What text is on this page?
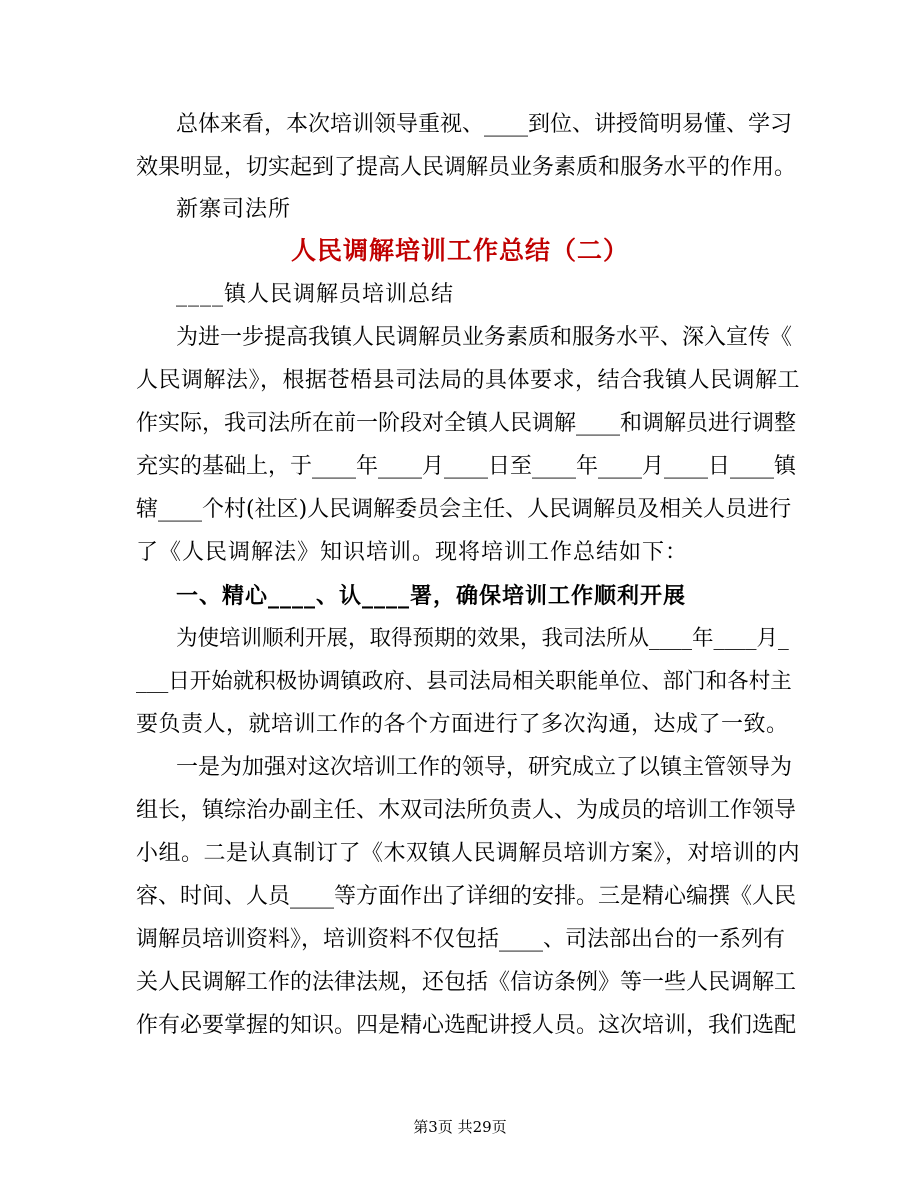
总体来看，本次培训领导重视、____到位、讲授简明易懂、学习
效果明显，切实起到了提高人民调解员业务素质和服务水平的作用。
新寨司法所
人民调解培训工作总结（二）
____镇人民调解员培训总结
为进一步提高我镇人民调解员业务素质和服务水平、深入宣传《
人民调解法》，根据苍梧县司法局的具体要求，结合我镇人民调解工
作实际，我司法所在前一阶段对全镇人民调解____和调解员进行调整
充实的基础上，于____年____月____日至____年____月____日____镇
辖____个村(社区)人民调解委员会主任、人民调解员及相关人员进行
了《人民调解法》知识培训。现将培训工作总结如下：
一、精心____、认____署，确保培训工作顺利开展
为使培训顺利开展，取得预期的效果，我司法所从____年____月_
___日开始就积极协调镇政府、县司法局相关职能单位、部门和各村主
要负责人，就培训工作的各个方面进行了多次沟通，达成了一致。
一是为加强对这次培训工作的领导，研究成立了以镇主管领导为
组长，镇综治办副主任、木双司法所负责人、为成员的培训工作领导
小组。二是认真制订了《木双镇人民调解员培训方案》，对培训的内
容、时间、人员____等方面作出了详细的安排。三是精心编撰《人民
调解员培训资料》，培训资料不仅包括____、司法部出台的一系列有
关人民调解工作的法律法规，还包括《信访条例》等一些人民调解工
作有必要掌握的知识。四是精心选配讲授人员。这次培训，我们选配
第3页 共29页
